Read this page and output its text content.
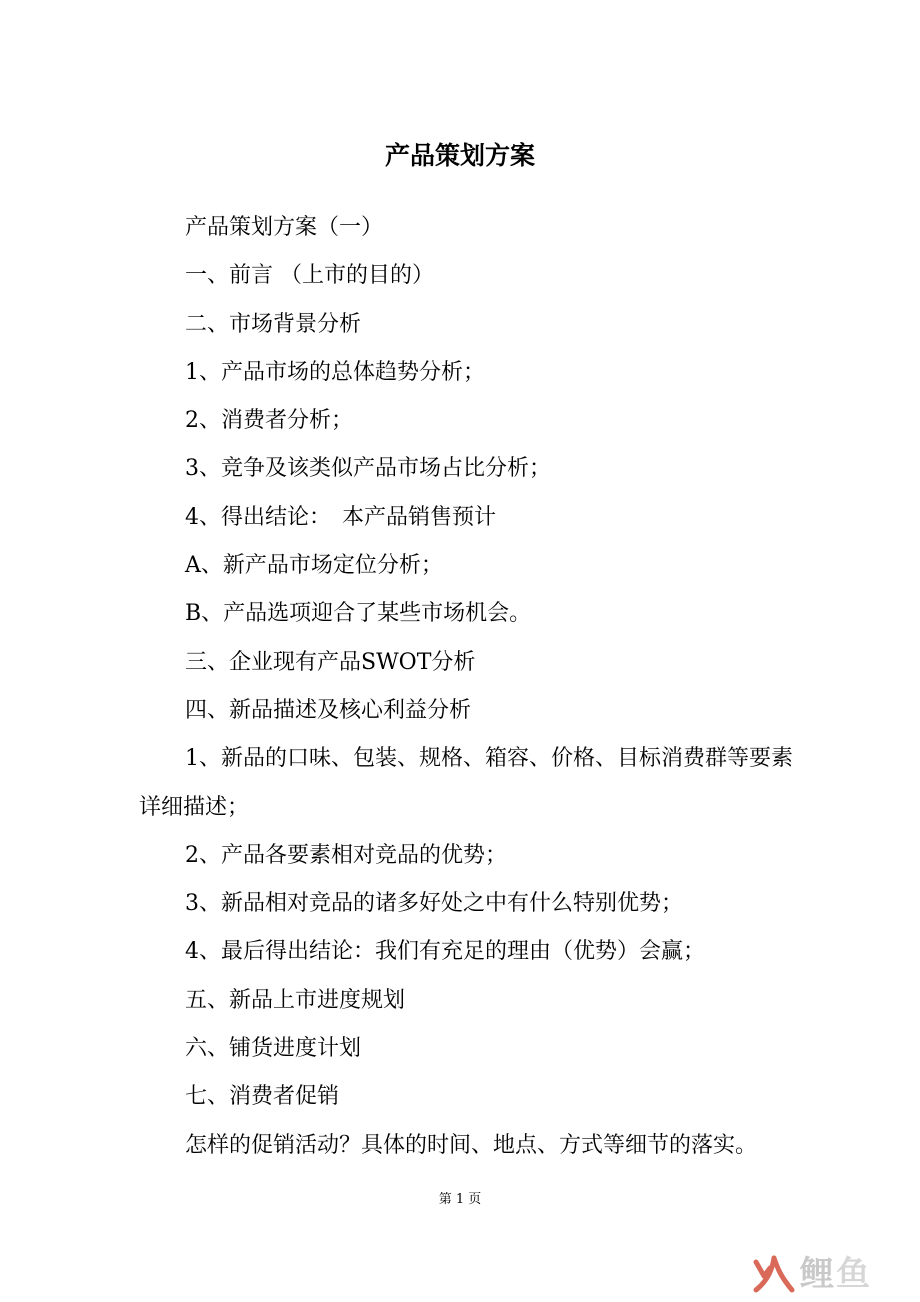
产品策划方案

产品策划方案（一）

一、前言 （上市的目的）

二、市场背景分析

1、产品市场的总体趋势分析；

2、消费者分析；

3、竞争及该类似产品市场占比分析；

4、得出结论：　本产品销售预计

A、新产品市场定位分析；

B、产品选项迎合了某些市场机会。

三、企业现有产品SWOT分析

四、新品描述及核心利益分析

1、新品的口味、包装、规格、箱容、价格、目标消费群等要素详细描述；

2、产品各要素相对竞品的优势；

3、新品相对竞品的诸多好处之中有什么特别优势；

4、最后得出结论：我们有充足的理由（优势）会赢；

五、新品上市进度规划

六、铺货进度计划

七、消费者促销

怎样的促销活动？具体的时间、地点、方式等细节的落实。

第 1 页
鲤鱼
